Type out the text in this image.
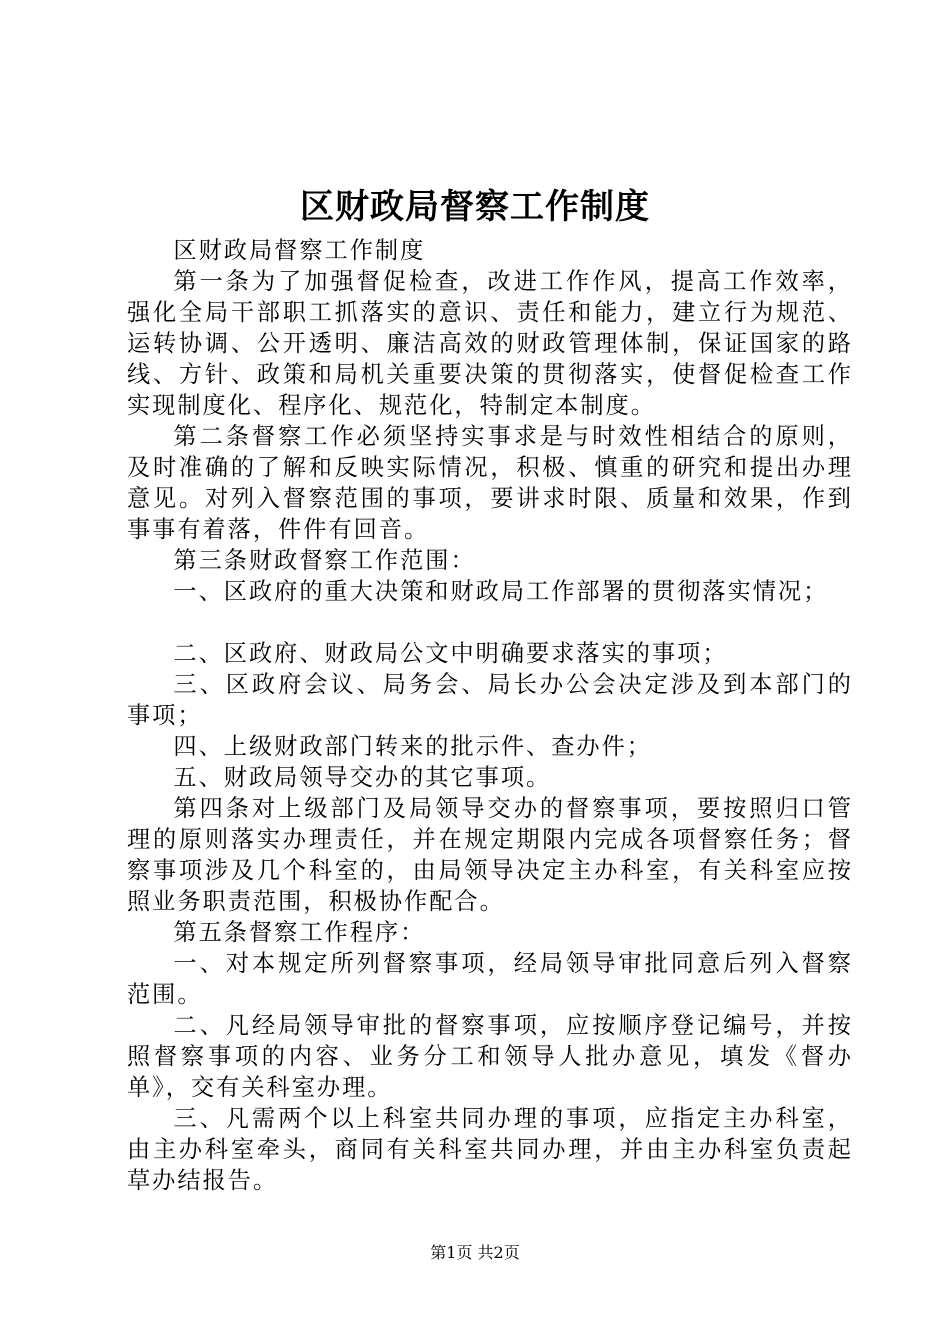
区财政局督察工作制度

区财政局督察工作制度

第一条为了加强督促检查，改进工作作风，提高工作效率，强化全局干部职工抓落实的意识、责任和能力，建立行为规范、运转协调、公开透明、廉洁高效的财政管理体制，保证国家的路线、方针、政策和局机关重要决策的贯彻落实，使督促检查工作实现制度化、程序化、规范化，特制定本制度。

第二条督察工作必须坚持实事求是与时效性相结合的原则，及时准确的了解和反映实际情况，积极、慎重的研究和提出办理意见。对列入督察范围的事项，要讲求时限、质量和效果，作到事事有着落，件件有回音。

第三条财政督察工作范围：

一、区政府的重大决策和财政局工作部署的贯彻落实情况；

二、区政府、财政局公文中明确要求落实的事项；

三、区政府会议、局务会、局长办公会决定涉及到本部门的事项；

四、上级财政部门转来的批示件、查办件；

五、财政局领导交办的其它事项。

第四条对上级部门及局领导交办的督察事项，要按照归口管理的原则落实办理责任，并在规定期限内完成各项督察任务；督察事项涉及几个科室的，由局领导决定主办科室，有关科室应按照业务职责范围，积极协作配合。

第五条督察工作程序：

一、对本规定所列督察事项，经局领导审批同意后列入督察范围。

二、凡经局领导审批的督察事项，应按顺序登记编号，并按照督察事项的内容、业务分工和领导人批办意见，填发《督办单》，交有关科室办理。

三、凡需两个以上科室共同办理的事项，应指定主办科室，由主办科室牵头，商同有关科室共同办理，并由主办科室负责起草办结报告。

第1页 共2页
